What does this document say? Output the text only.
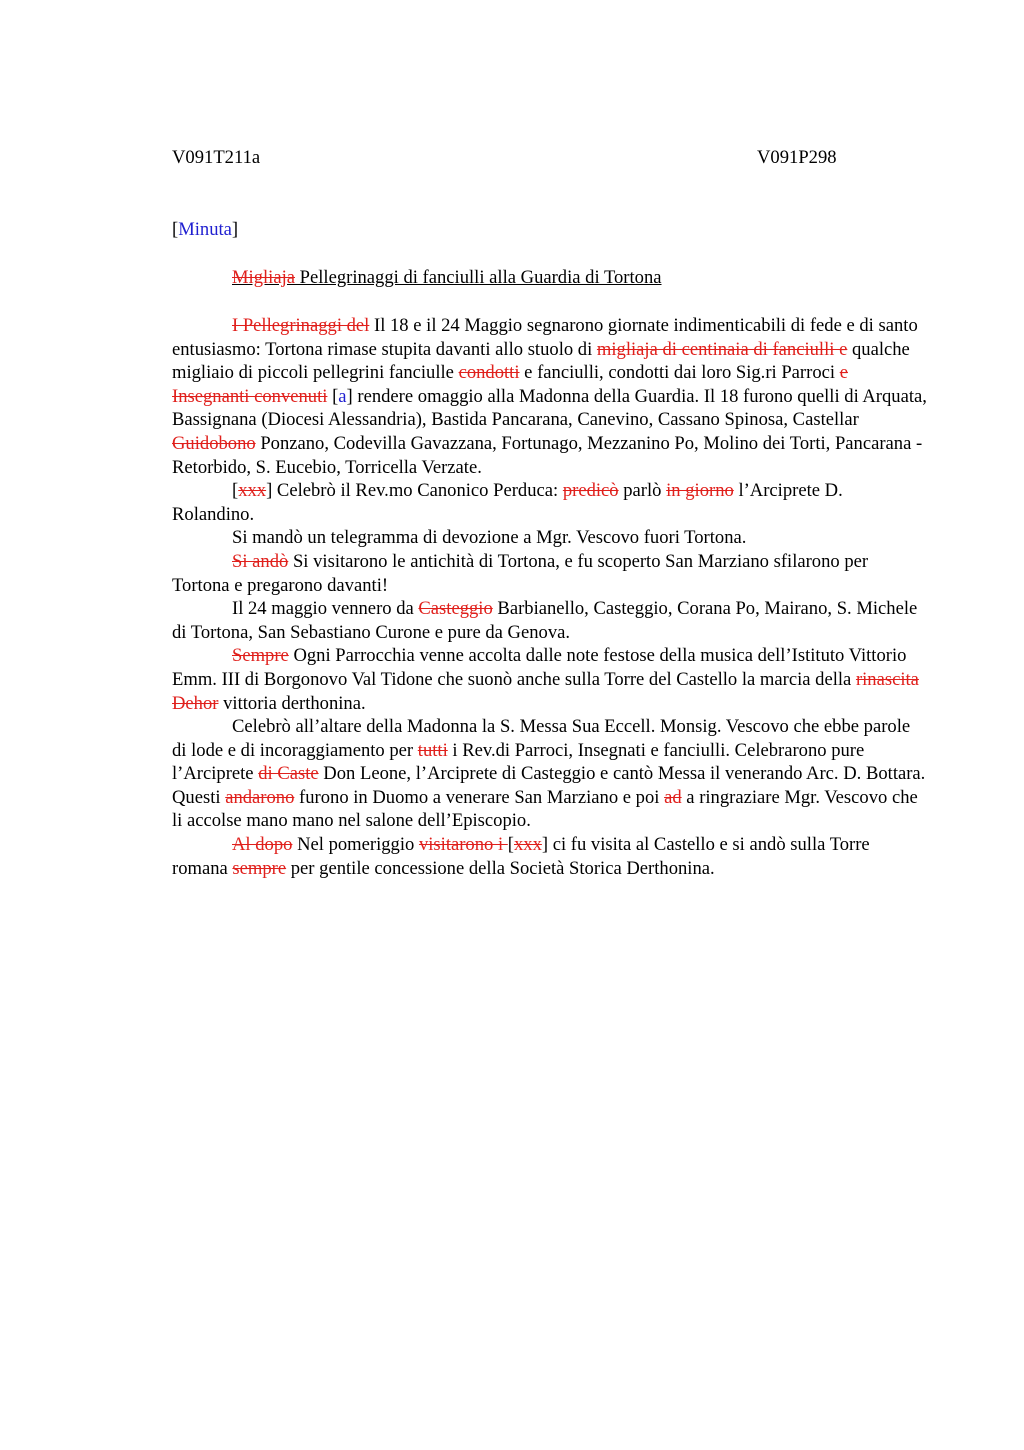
V091T211a	V091P298
[Minuta]
Migliaja Pellegrinaggi di fanciulli alla Guardia di Tortona

I Pellegrinaggi del Il 18 e il 24 Maggio segnarono giornate indimenticabili di fede e di santo entusiasmo: Tortona rimase stupita davanti allo stuolo di migliaja di centinaia di fanciulli e qualche migliaio di piccoli pellegrini fanciulle condotti e fanciulli, condotti dai loro Sig.ri Parroci e Insegnanti convenuti [a] rendere omaggio alla Madonna della Guardia. Il 18 furono quelli di Arquata, Bassignana (Diocesi Alessandria), Bastida Pancarana, Canevino, Cassano Spinosa, Castellar Guidobono Ponzano, Codevilla Gavazzana, Fortunago, Mezzanino Po, Molino dei Torti, Pancarana - Retorbido, S. Eucebio, Torricella Verzate.

[xxx] Celebrò il Rev.mo Canonico Perduca: predicò parlò in giorno l’Arciprete D. Rolandino.

Si mandò un telegramma di devozione a Mgr. Vescovo fuori Tortona.

Si andò Si visitarono le antichità di Tortona, e fu scoperto San Marziano sfilarono per Tortona e pregarono davanti!

Il 24 maggio vennero da Casteggio Barbianello, Casteggio, Corana Po, Mairano, S. Michele di Tortona, San Sebastiano Curone e pure da Genova.

Sempre Ogni Parrocchia venne accolta dalle note festose della musica dell’Istituto Vittorio Emm. III di Borgonovo Val Tidone che suonò anche sulla Torre del Castello la marcia della rinascita Dehor vittoria derthonina.

Celebrò all’altare della Madonna la S. Messa Sua Eccell. Monsig. Vescovo che ebbe parole di lode e di incoraggiamento per tutti i Rev.di Parroci, Insegnati e fanciulli. Celebrarono pure l’Arciprete di Caste Don Leone, l’Arciprete di Casteggio e cantò Messa il venerando Arc. D. Bottara. Questi andarono furono in Duomo a venerare San Marziano e poi ad a ringraziare Mgr. Vescovo che li accolse mano mano nel salone dell’Episcopio.

Al dopo Nel pomeriggio visitarono i [xxx] ci fu visita al Castello e si andò sulla Torre romana sempre per gentile concessione della Società Storica Derthonina.
